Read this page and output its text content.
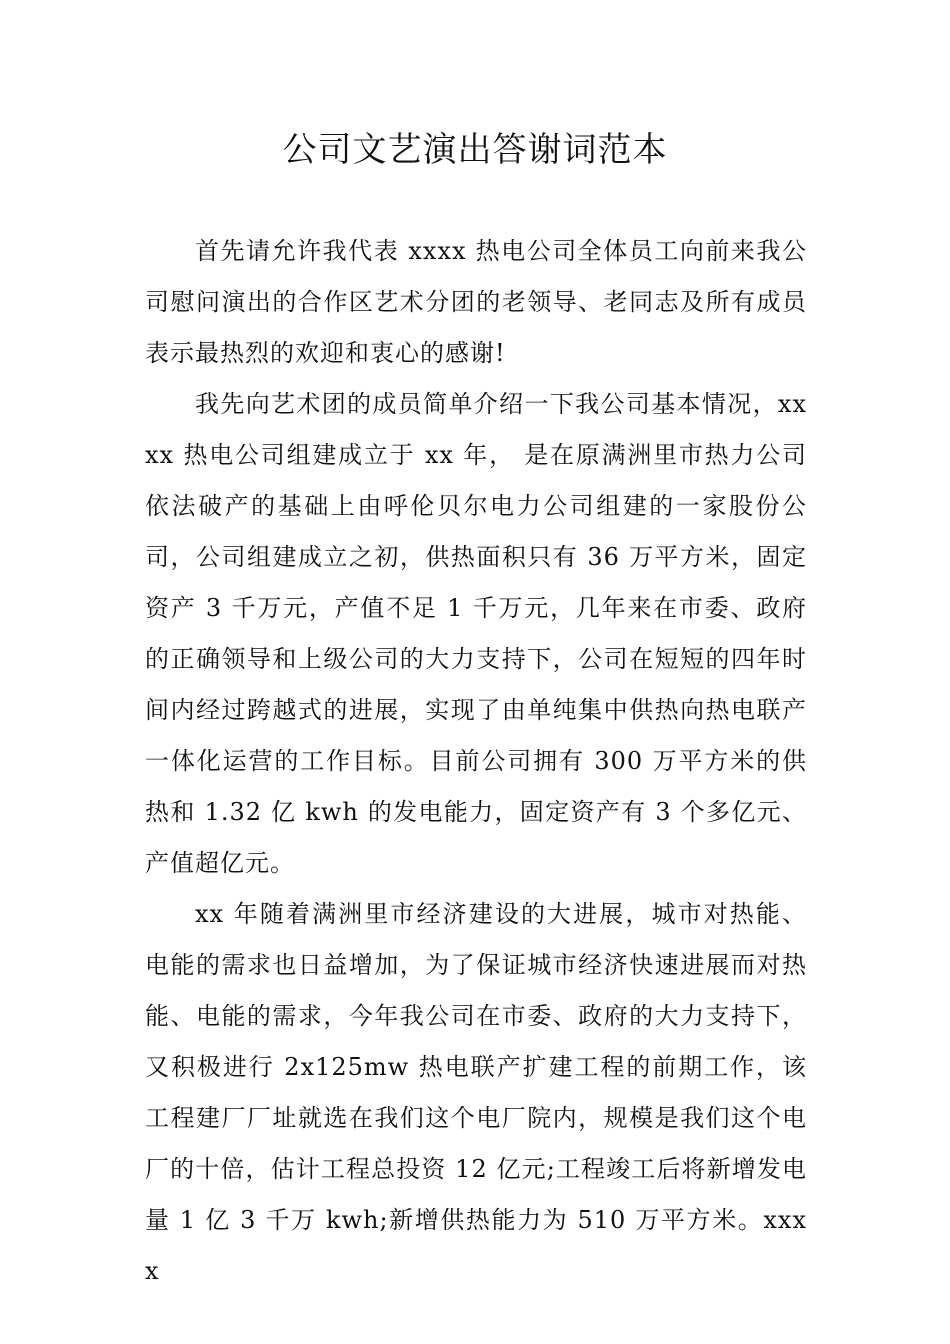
公司文艺演出答谢词范本

首先请允许我代表 xxxx 热电公司全体员工向前来我公司慰问演出的合作区艺术分团的老领导、老同志及所有成员表示最热烈的欢迎和衷心的感谢!

我先向艺术团的成员简单介绍一下我公司基本情况，xxxx 热电公司组建成立于 xx 年， 是在原满洲里市热力公司依法破产的基础上由呼伦贝尔电力公司组建的一家股份公司，公司组建成立之初，供热面积只有 36 万平方米，固定资产 3 千万元，产值不足 1 千万元，几年来在市委、政府的正确领导和上级公司的大力支持下，公司在短短的四年时间内经过跨越式的进展，实现了由单纯集中供热向热电联产一体化运营的工作目标。目前公司拥有 300 万平方米的供热和 1.32 亿 kwh 的发电能力，固定资产有 3 个多亿元、产值超亿元。

xx 年随着满洲里市经济建设的大进展，城市对热能、电能的需求也日益增加，为了保证城市经济快速进展而对热能、电能的需求，今年我公司在市委、政府的大力支持下，又积极进行 2x125mw 热电联产扩建工程的前期工作，该工程建厂厂址就选在我们这个电厂院内，规模是我们这个电厂的十倍，估计工程总投资 12 亿元;工程竣工后将新增发电量 1 亿 3 千万 kwh;新增供热能力为 510 万平方米。xxxx
